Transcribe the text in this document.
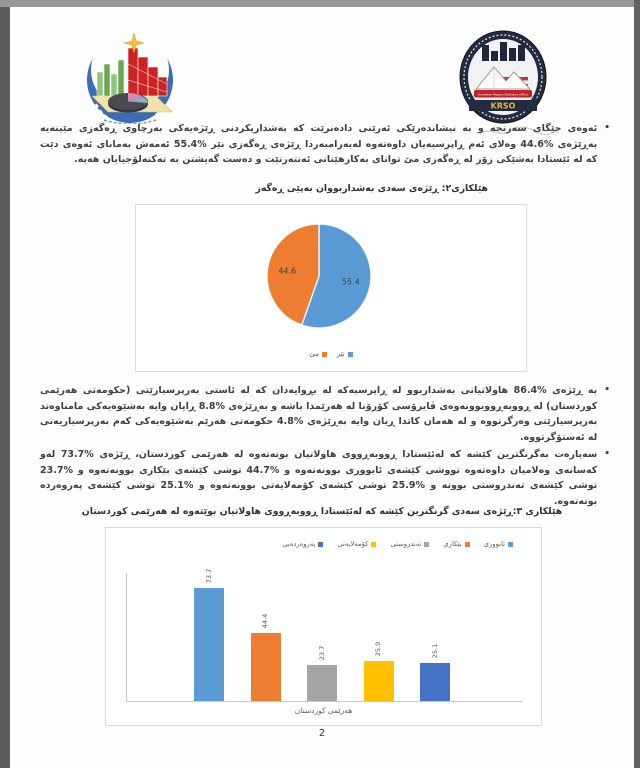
Kurdistan Region Statistics Office
KRSO
•

ئەوەی جێگای سەرنجە و بە نیشاندەرێکی ئەرێنی دادەنرێت کە بەشداریکردنی ڕێژەیەکی بەرچاوی ڕەگەزی مێینەیە بەڕێژەی %44.6 وەلای ئەم ڕاپرسیەیان داوەتەوە لەبەرامبەردا ڕێژەی ڕەگەزی نێر %55.4 ئەمەش بەمانای ئەوەی دێت کە لە ئێستادا بەشێکی زۆر لە ڕەگەزی مێ توانای بەکارهێنانی ئەنتەرنێت و دەست گەیشتن بە تەکنەلۆجیایان هەیە.

هێلکاری٢: ڕێژەی سەدی بەشداربووان بەپێی ڕەگەز
55.4
44.6
نێر
مێ
•

بە ڕێژەی %86.4 هاولاتیانی بەشداربوو لە ڕاپرسیەکە لە بڕوایەدان کە لە ئاستی بەرپرسیارێتی (حکومەتی هەرێمی کوردستان) لە ڕووبەڕووبوونەوەی ڤایرۆسی کۆرۆنا لە هەرێمدا باشە و بەڕێژەی %8.8 ڕایان وایە بەشێوەیەکی مامناوەند بەرپرسیارێتی وەرگرتووە و لە هەمان کاتدا ڕیان وایە بەڕێژەی %4.8 حکومەتی هەرێم بەشێوەیەکی کەم بەرپرسیاریەتی لە ئەستۆگرتووە.

•

سەبارەت بەگرنگترین کێشە کە لەئێستادا ڕووبەڕووی هاولاتیان بونەتەوە لە هەرێمی کوردستان، ڕێژەی %73.7 لەو کەسانەی وەلامیان داوەتەوە تووشی کێشەی ئابووری بوونەتەوە و %44.7 توشی کێشەی بێکاری بوونەتەوە و %23.7 توشی کێشەی تەندروستی بوونە و %25.9 توشی کێشەی کۆمەلایەتی بوونەتەوە و %25.1 توشی کێشەی پەروەردە بونەتەوە.

هێلکاری ٣:ڕێژەی سەدی گرنگترین کێشە کە لەئێستادا ڕووبەڕووی هاولاتیان بوێتەوە لە هەرێمی کوردستان
ئابووری
بێکاری
تەندروستی
کۆمەلایەتی
پەروەردەیی
73.7
44.4
23.7	25.9	25.1
هەرێمی کوردستان
2
